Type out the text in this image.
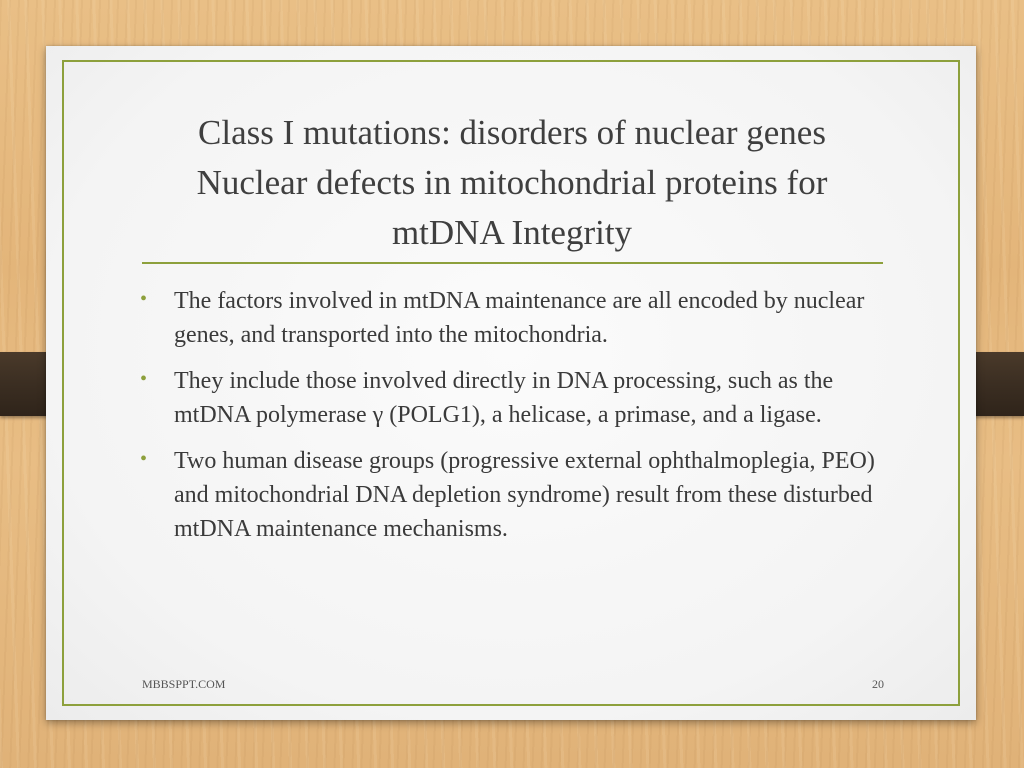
Class I mutations: disorders of nuclear genes
Nuclear defects in mitochondrial proteins for
mtDNA Integrity
• The factors involved in mtDNA maintenance are all encoded by nuclear genes, and transported into the mitochondria.
• They include those involved directly in DNA processing, such as the mtDNA polymerase γ (POLG1), a helicase, a primase, and a ligase.
• Two human disease groups (progressive external ophthalmoplegia, PEO) and mitochondrial DNA depletion syndrome) result from these disturbed mtDNA maintenance mechanisms.
MBBSPPT.COM	20
